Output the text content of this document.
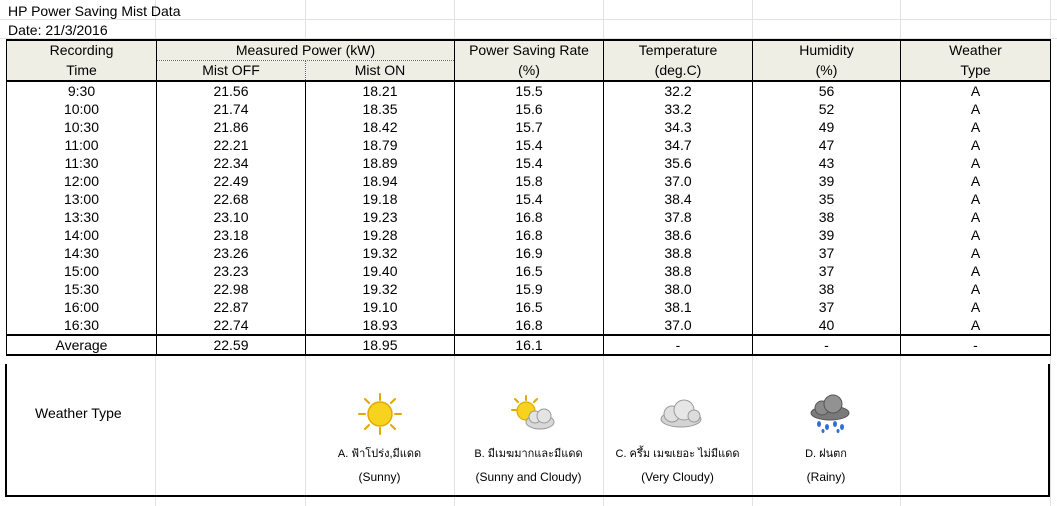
HP Power Saving Mist Data
Date: 21/3/2016
Recording	Measured Power (kW)		Power Saving Rate	Temperature	Humidity	Weather
Time	Mist OFF	Mist ON	(%)	(deg.C)	(%)	Type
9:30	21.56	18.21	15.5	32.2	56	A
10:00	21.74	18.35	15.6	33.2	52	A
10:30	21.86	18.42	15.7	34.3	49	A
11:00	22.21	18.79	15.4	34.7	47	A
11:30	22.34	18.89	15.4	35.6	43	A
12:00	22.49	18.94	15.8	37.0	39	A
13:00	22.68	19.18	15.4	38.4	35	A
13:30	23.10	19.23	16.8	37.8	38	A
14:00	23.18	19.28	16.8	38.6	39	A
14:30	23.26	19.32	16.9	38.8	37	A
15:00	23.23	19.40	16.5	38.8	37	A
15:30	22.98	19.32	15.9	38.0	38	A
16:00	22.87	19.10	16.5	38.1	37	A
16:30	22.74	18.93	16.8	37.0	40	A
Average	22.59	18.95	16.1	-	-	-
Weather Type
A. ฟ้าโปร่ง,มีแดด
(Sunny)
B. มีเมฆมากและมีแดด
(Sunny and Cloudy)
C. ครึ้ม เมฆเยอะ ไม่มีแดด
(Very Cloudy)
D. ฝนตก
(Rainy)
